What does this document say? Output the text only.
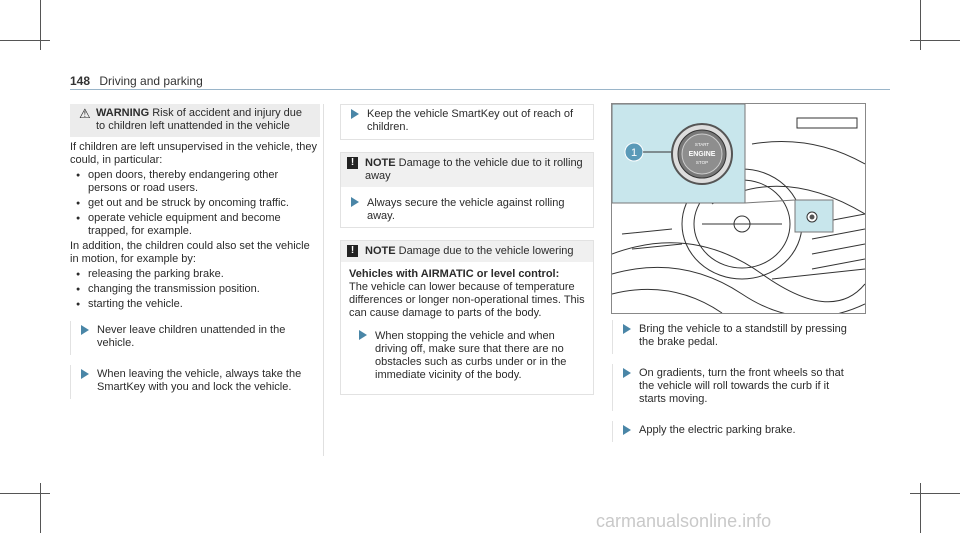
148 Driving and parking
⚠ WARNING Risk of accident and injury due to children left unattended in the vehicle

If children are left unsupervised in the vehicle, they could, in particular:

● open doors, thereby endangering other persons or road users.
● get out and be struck by oncoming traffic.
● operate vehicle equipment and become trapped, for example.

In addition, the children could also set the vehicle in motion, for example by:

● releasing the parking brake.
● changing the transmission position.
● starting the vehicle.
Never leave children unattended in the vehicle.
When leaving the vehicle, always take the SmartKey with you and lock the vehicle.
Keep the vehicle SmartKey out of reach of children.
! NOTE Damage to the vehicle due to it rolling away
Always secure the vehicle against rolling away.
! NOTE Damage due to the vehicle lowering

Vehicles with AIRMATIC or level control:

The vehicle can lower because of temperature differences or longer non-operational times. This can cause damage to parts of the body.

When stopping the vehicle and when driving off, make sure that there are no obstacles such as curbs under or in the immediate vicinity of the body.
1
START
ENGINE
STOP
Bring the vehicle to a standstill by pressing the brake pedal.
On gradients, turn the front wheels so that the vehicle will roll towards the curb if it starts moving.
Apply the electric parking brake.
carmanualsonline.info
